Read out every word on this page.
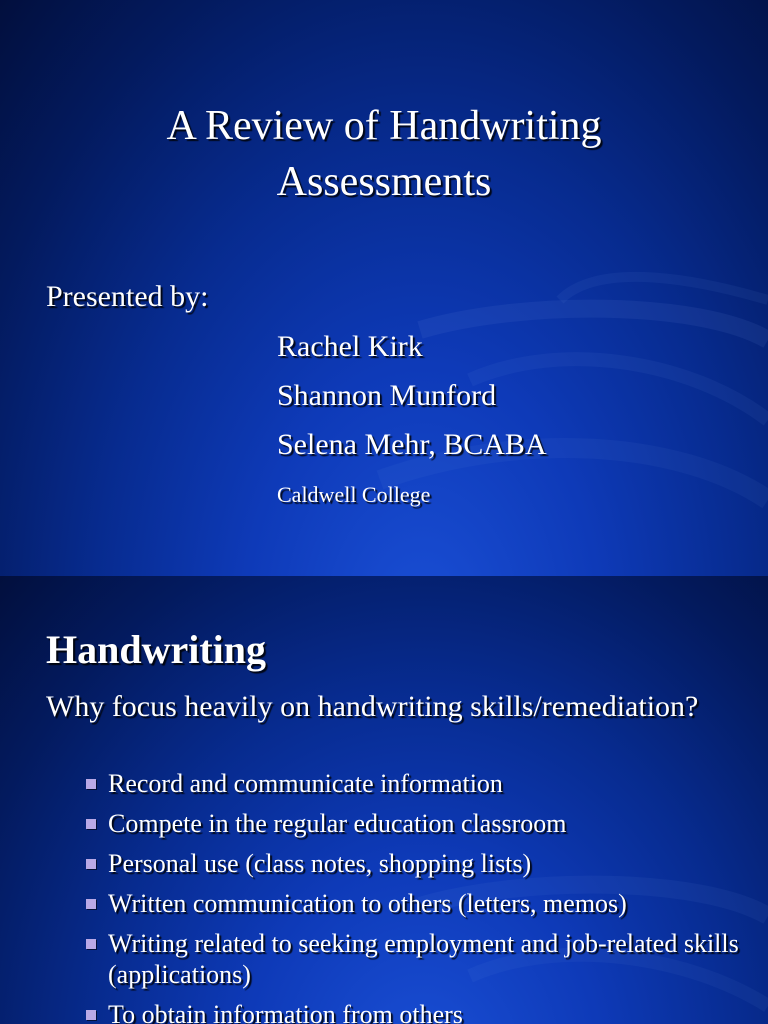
A Review of Handwriting
Assessments

Presented by:

Rachel Kirk

Shannon Munford

Selena Mehr, BCABA

Caldwell College

Handwriting

Why focus heavily on handwriting skills/remediation?

Record and communicate information
Compete in the regular education classroom
Personal use (class notes, shopping lists)
Written communication to others (letters, memos)
Writing related to seeking employment and job-related skills (applications)
To obtain information from others
